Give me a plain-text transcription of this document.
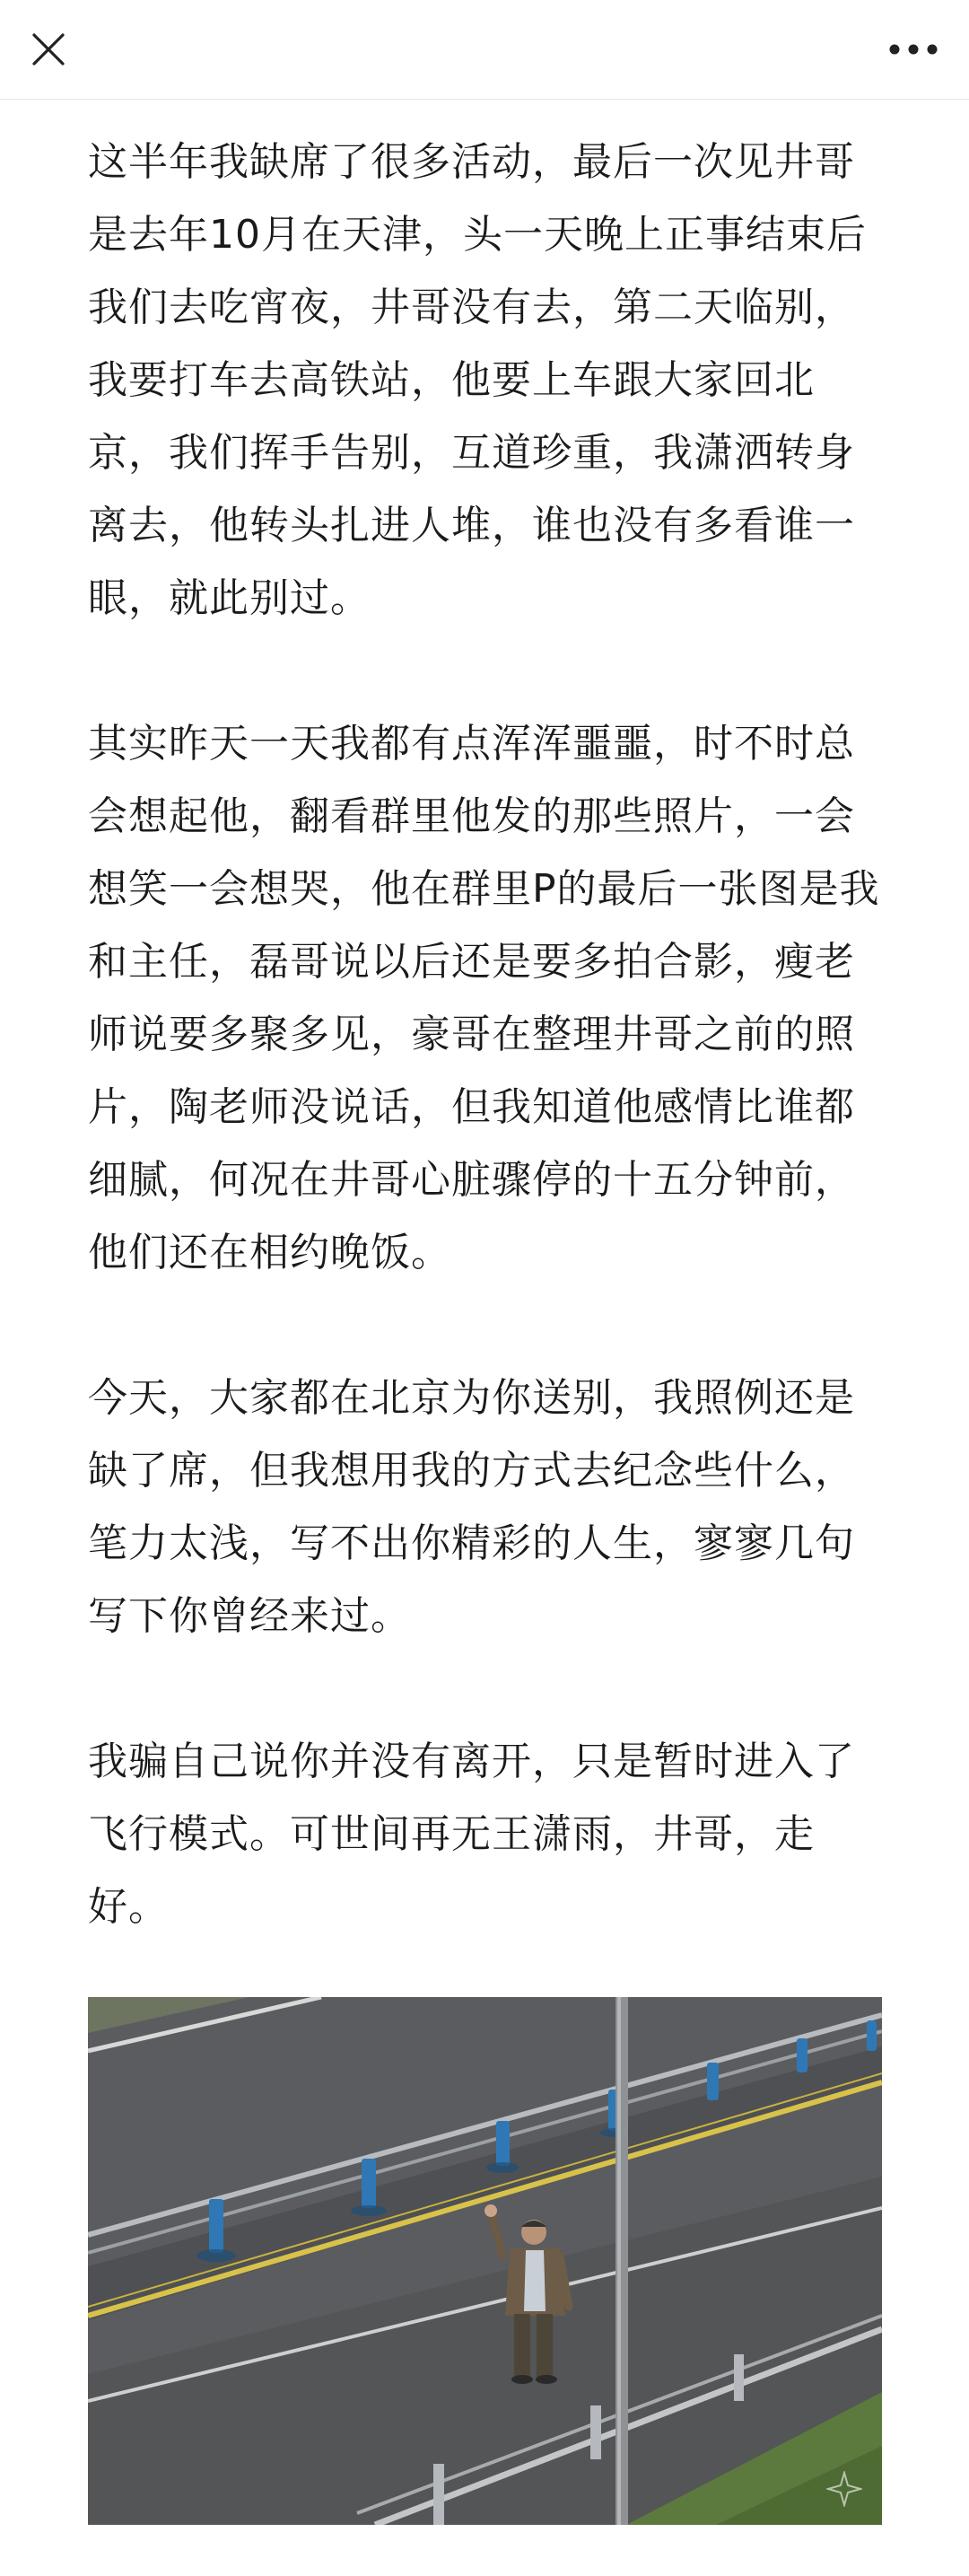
这半年我缺席了很多活动，最后一次见井哥是去年10月在天津，头一天晚上正事结束后我们去吃宵夜，井哥没有去，第二天临别，我要打车去高铁站，他要上车跟大家回北京，我们挥手告别，互道珍重，我潇洒转身离去，他转头扎进人堆，谁也没有多看谁一眼，就此别过。

其实昨天一天我都有点浑浑噩噩，时不时总会想起他，翻看群里他发的那些照片，一会想笑一会想哭，他在群里P的最后一张图是我和主任，磊哥说以后还是要多拍合影，瘦老师说要多聚多见，豪哥在整理井哥之前的照片，陶老师没说话，但我知道他感情比谁都细腻，何况在井哥心脏骤停的十五分钟前，他们还在相约晚饭。

今天，大家都在北京为你送别，我照例还是缺了席，但我想用我的方式去纪念些什么，笔力太浅，写不出你精彩的人生，寥寥几句写下你曾经来过。

我骗自己说你并没有离开，只是暂时进入了飞行模式。可世间再无王潇雨，井哥，走好。
